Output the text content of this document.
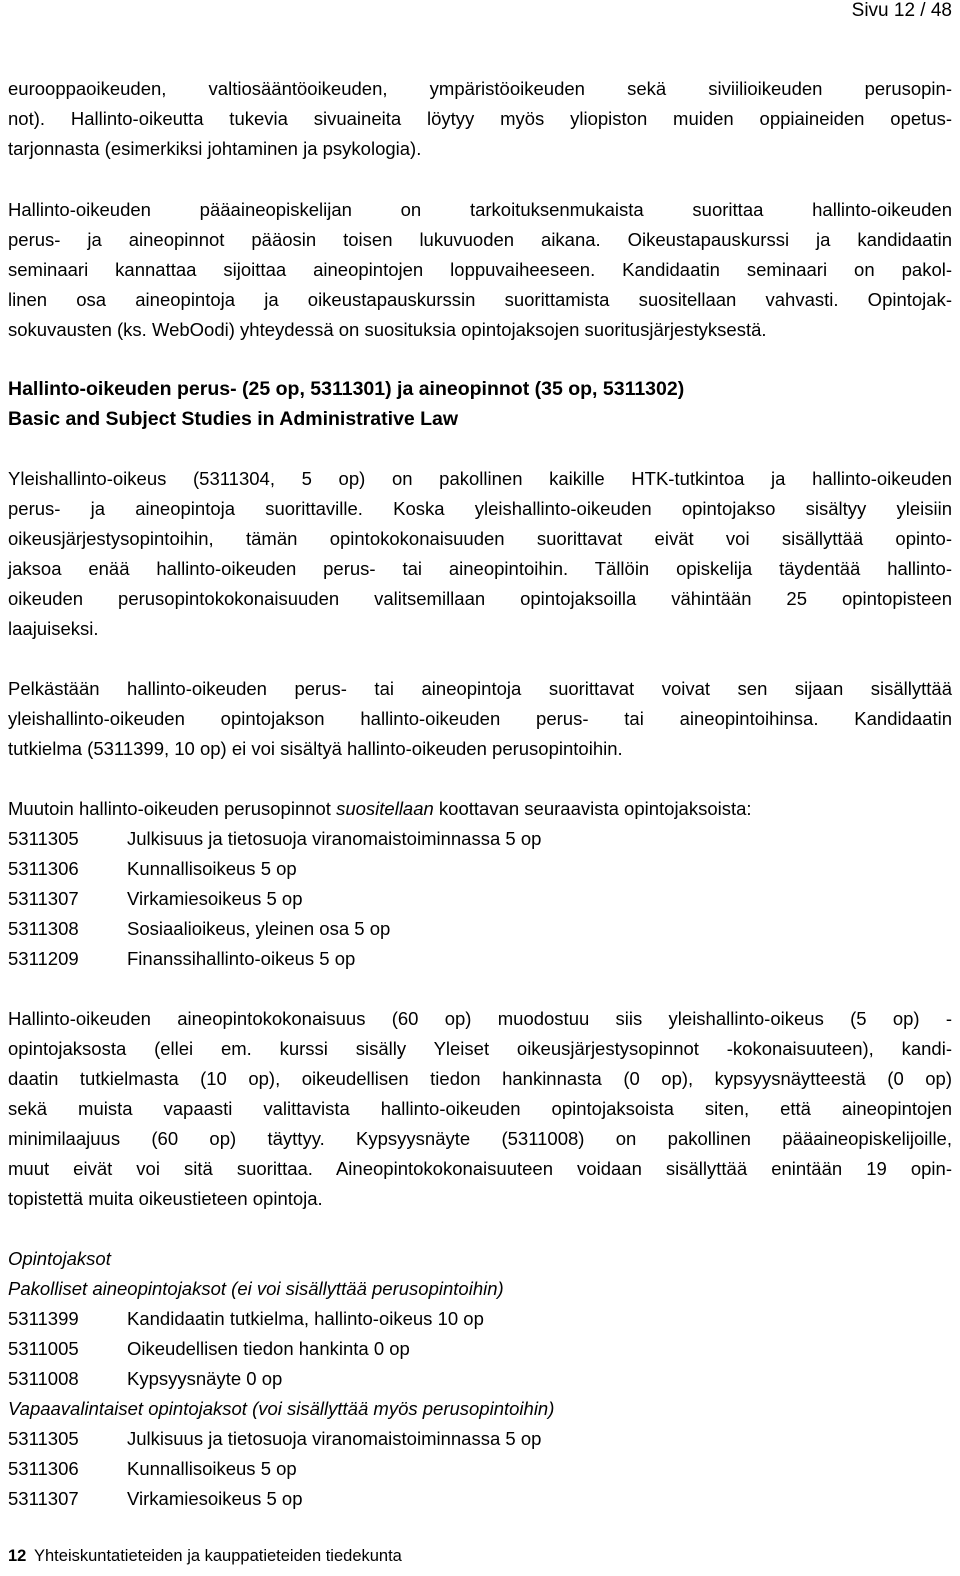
Sivu 12 / 48
eurooppaoikeuden, valtiosääntöoikeuden, ympäristöoikeuden sekä siviilioikeuden perusopin-
not). Hallinto-oikeutta tukevia sivuaineita löytyy myös yliopiston muiden oppiaineiden opetus-
tarjonnasta (esimerkiksi johtaminen ja psykologia).
Hallinto-oikeuden pääaineopiskelijan on tarkoituksenmukaista suorittaa hallinto-oikeuden
perus- ja aineopinnot pääosin toisen lukuvuoden aikana. Oikeustapauskurssi ja kandidaatin
seminaari kannattaa sijoittaa aineopintojen loppuvaiheeseen. Kandidaatin seminaari on pakol-
linen osa aineopintoja ja oikeustapauskurssin suorittamista suositellaan vahvasti. Opintojak-
sokuvausten (ks. WebOodi) yhteydessä on suosituksia opintojaksojen suoritusjärjestyksestä.
Hallinto-oikeuden perus- (25 op, 5311301) ja aineopinnot (35 op, 5311302)
Basic and Subject Studies in Administrative Law
Yleishallinto-oikeus (5311304, 5 op) on pakollinen kaikille HTK-tutkintoa ja hallinto-oikeuden
perus- ja aineopintoja suorittaville. Koska yleishallinto-oikeuden opintojakso sisältyy yleisiin
oikeusjärjestysopintoihin, tämän opintokokonaisuuden suorittavat eivät voi sisällyttää opinto-
jaksoa enää hallinto-oikeuden perus- tai aineopintoihin. Tällöin opiskelija täydentää hallinto-
oikeuden perusopintokokonaisuuden valitsemillaan opintojaksoilla vähintään 25 opintopisteen
laajuiseksi.
Pelkästään hallinto-oikeuden perus- tai aineopintoja suorittavat voivat sen sijaan sisällyttää
yleishallinto-oikeuden opintojakson hallinto-oikeuden perus- tai aineopintoihinsa. Kandidaatin
tutkielma (5311399, 10 op) ei voi sisältyä hallinto-oikeuden perusopintoihin.
Muutoin hallinto-oikeuden perusopinnot suositellaan koottavan seuraavista opintojaksoista:
5311305	Julkisuus ja tietosuoja viranomaistoiminnassa 5 op
5311306	Kunnallisoikeus 5 op
5311307	Virkamiesoikeus 5 op
5311308	Sosiaalioikeus, yleinen osa 5 op
5311209	Finanssihallinto-oikeus 5 op
Hallinto-oikeuden aineopintokokonaisuus (60 op) muodostuu siis yleishallinto-oikeus (5 op) -
opintojaksosta (ellei em. kurssi sisälly Yleiset oikeusjärjestysopinnot -kokonaisuuteen), kandi-
daatin tutkielmasta (10 op), oikeudellisen tiedon hankinnasta (0 op), kypsyysnäytteestä (0 op)
sekä muista vapaasti valittavista hallinto-oikeuden opintojaksoista siten, että aineopintojen
minimilaajuus (60 op) täyttyy. Kypsyysnäyte (5311008) on pakollinen pääaineopiskelijoille,
muut eivät voi sitä suorittaa. Aineopintokokonaisuuteen voidaan sisällyttää enintään 19 opin-
topistettä muita oikeustieteen opintoja.
Opintojaksot
Pakolliset aineopintojaksot (ei voi sisällyttää perusopintoihin)
5311399	Kandidaatin tutkielma, hallinto-oikeus 10 op
5311005	Oikeudellisen tiedon hankinta 0 op
5311008	Kypsyysnäyte 0 op
Vapaavalintaiset opintojaksot (voi sisällyttää myös perusopintoihin)
5311305	Julkisuus ja tietosuoja viranomaistoiminnassa 5 op
5311306	Kunnallisoikeus 5 op
5311307	Virkamiesoikeus 5 op
12 Yhteiskuntatieteiden ja kauppatieteiden tiedekunta
